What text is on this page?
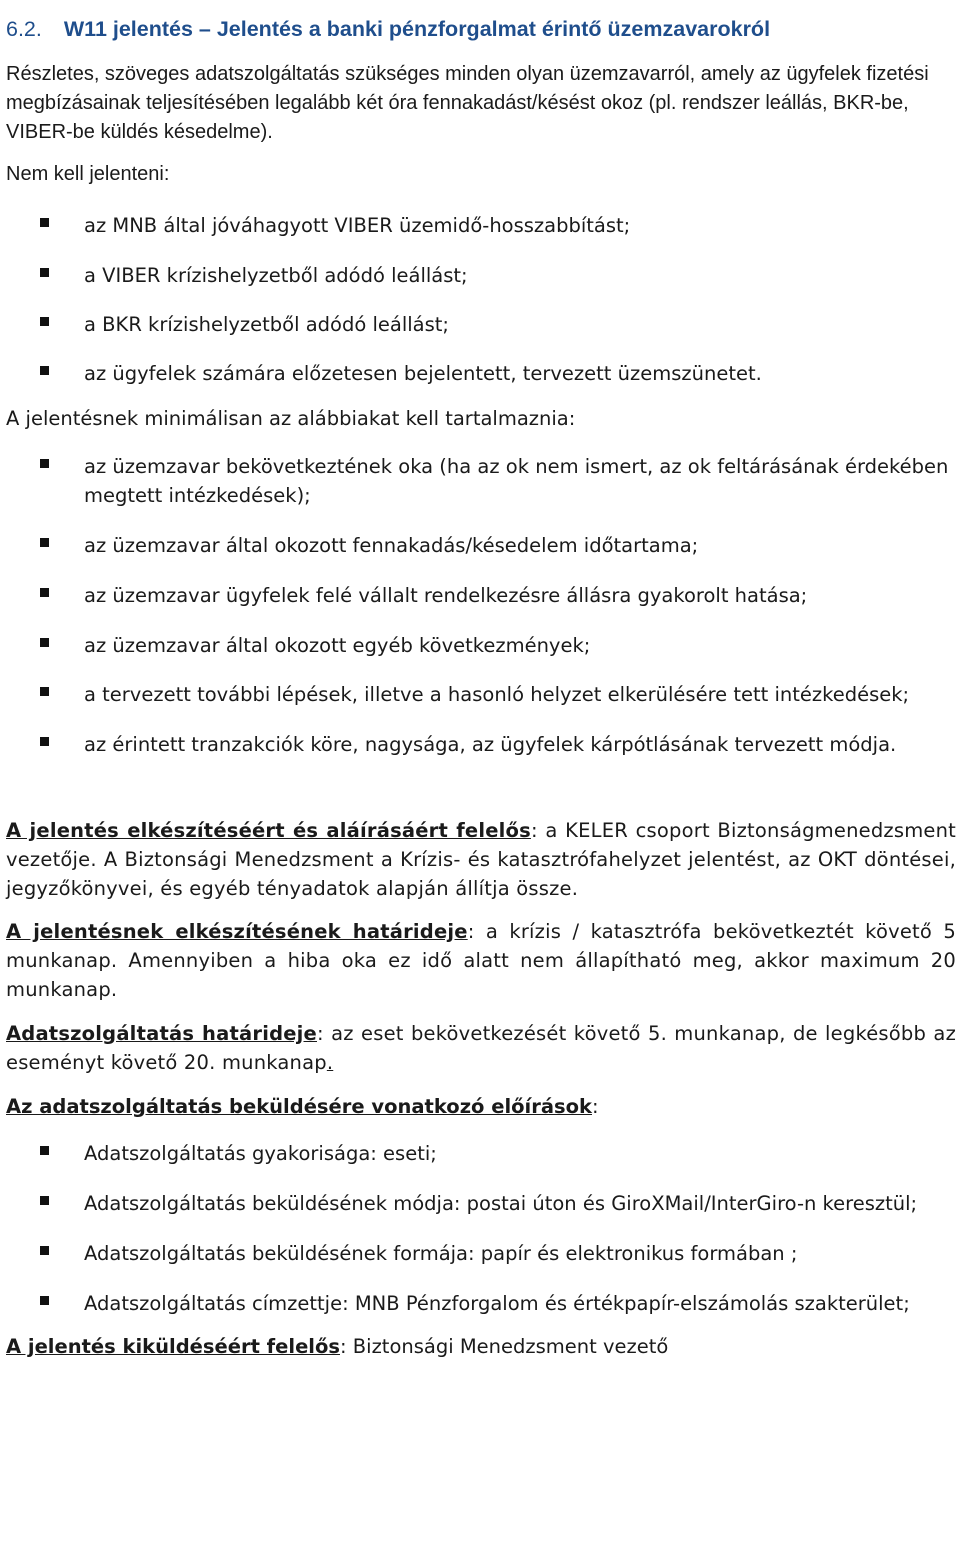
6.2. W11 jelentés – Jelentés a banki pénzforgalmat érintő üzemzavarokról

Részletes, szöveges adatszolgáltatás szükséges minden olyan üzemzavarról, amely az ügyfelek fizetési megbízásainak teljesítésében legalább két óra fennakadást/késést okoz (pl. rendszer leállás, BKR-be, VIBER-be küldés késedelme).

Nem kell jelenteni:

az MNB által jóváhagyott VIBER üzemidő-hosszabbítást;

a VIBER krízishelyzetből adódó leállást;

a BKR krízishelyzetből adódó leállást;

az ügyfelek számára előzetesen bejelentett, tervezett üzemszünetet.

A jelentésnek minimálisan az alábbiakat kell tartalmaznia:

az üzemzavar bekövetkeztének oka (ha az ok nem ismert, az ok feltárásának érdekében megtett intézkedések);

az üzemzavar által okozott fennakadás/késedelem időtartama;

az üzemzavar ügyfelek felé vállalt rendelkezésre állásra gyakorolt hatása;

az üzemzavar által okozott egyéb következmények;

a tervezett további lépések, illetve a hasonló helyzet elkerülésére tett intézkedések;

az érintett tranzakciók köre, nagysága, az ügyfelek kárpótlásának tervezett módja.

A jelentés elkészítéséért és aláírásáért felelős: a KELER csoport Biztonságmenedzsment vezetője. A Biztonsági Menedzsment a Krízis- és katasztrófahelyzet jelentést, az OKT döntései, jegyzőkönyvei, és egyéb tényadatok alapján állítja össze.

A jelentésnek elkészítésének határideje: a krízis / katasztrófa bekövetkeztét követő 5 munkanap. Amennyiben a hiba oka ez idő alatt nem állapítható meg, akkor maximum 20 munkanap.

Adatszolgáltatás határideje: az eset bekövetkezését követő 5. munkanap, de legkésőbb az eseményt követő 20. munkanap.

Az adatszolgáltatás beküldésére vonatkozó előírások:

Adatszolgáltatás gyakorisága: eseti;

Adatszolgáltatás beküldésének módja: postai úton és GiroXMail/InterGiro-n keresztül;

Adatszolgáltatás beküldésének formája: papír és elektronikus formában ;

Adatszolgáltatás címzettje: MNB Pénzforgalom és értékpapír-elszámolás szakterület;

A jelentés kiküldéséért felelős: Biztonsági Menedzsment vezető
